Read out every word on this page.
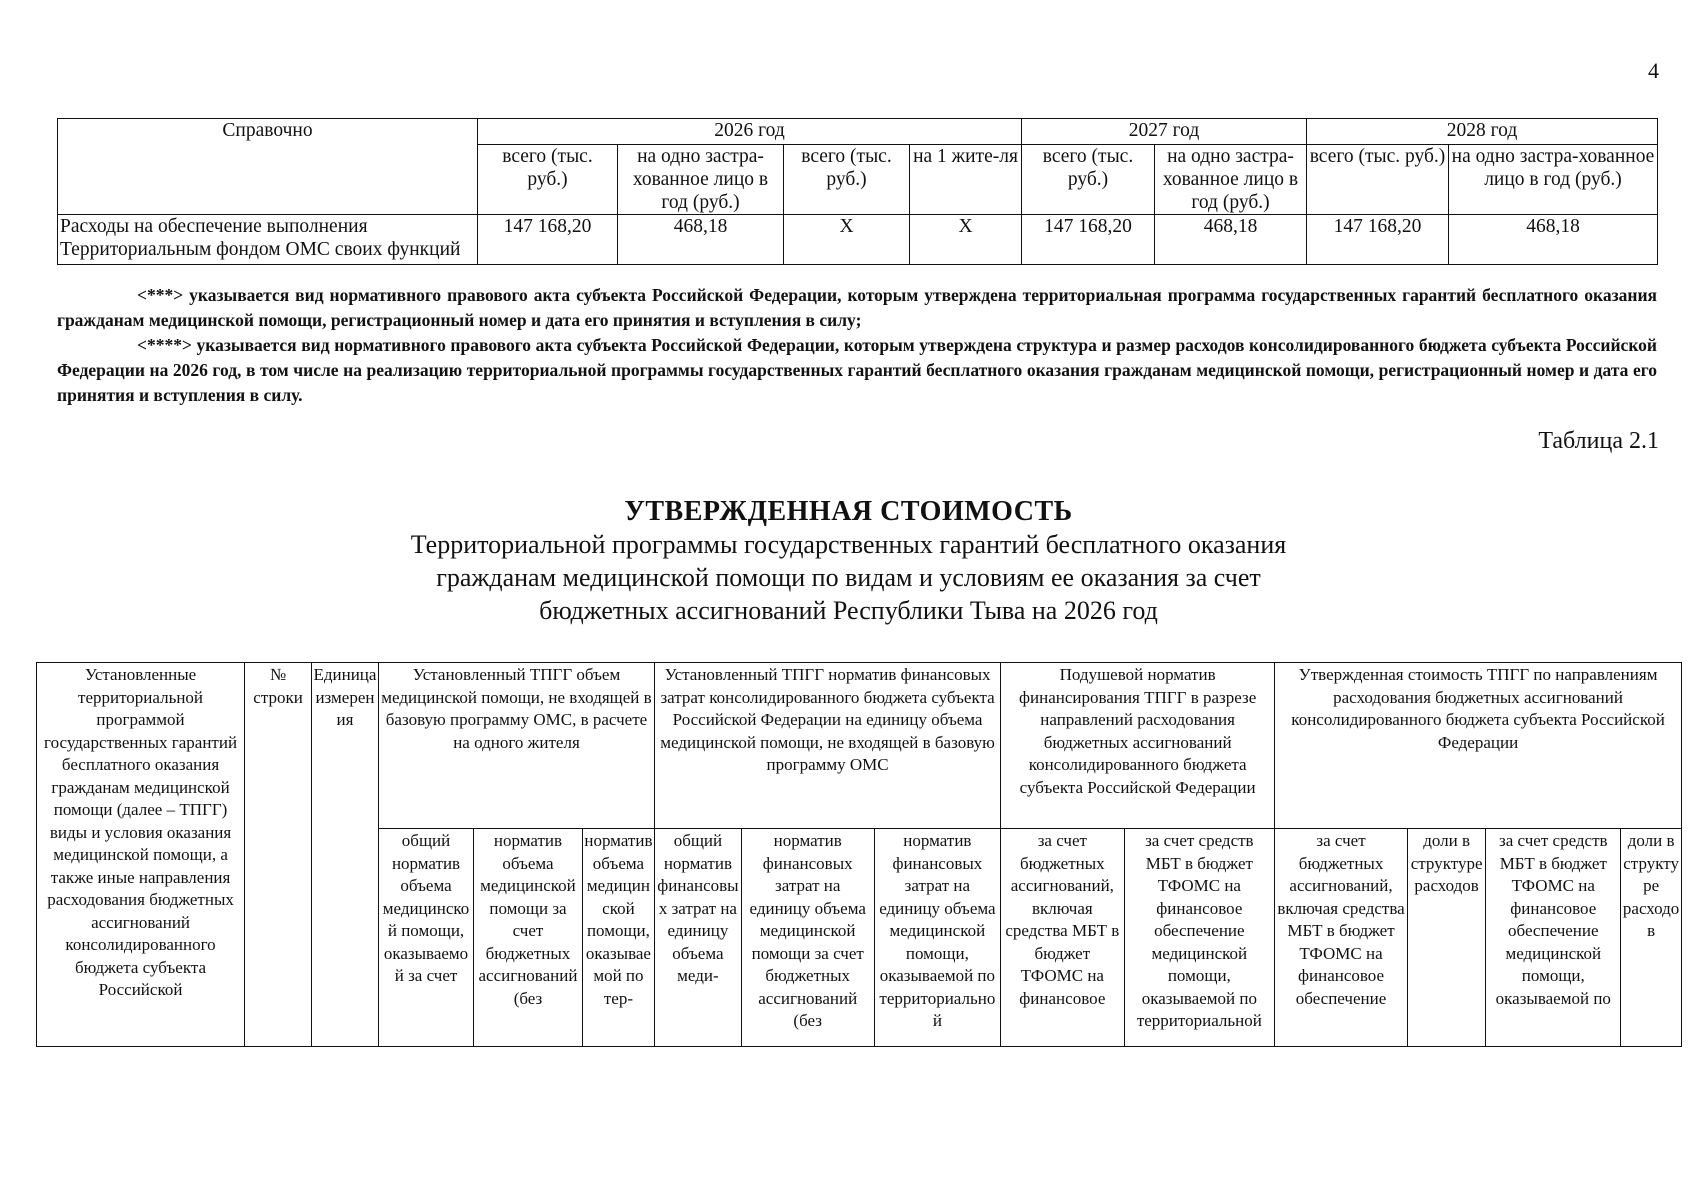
4
Справочно	2026 год				2027 год		2028 год	
	всего (тыс. руб.)	на одно застра-хованное лицо в год (руб.)	всего (тыс. руб.)	на 1 жите-ля	всего (тыс. руб.)	на одно застра-хованное лицо в год (руб.)	всего (тыс. руб.)	на одно застра-хованное лицо в год (руб.)
Расходы на обеспечение выполнения Территориальным фондом ОМС своих функций	147 168,20	468,18	X	X	147 168,20	468,18	147 168,20	468,18

<***> указывается вид нормативного правового акта субъекта Российской Федерации, которым утверждена территориальная программа государственных гарантий бесплатного оказания гражданам медицинской помощи, регистрационный номер и дата его принятия и вступления в силу;

<****> указывается вид нормативного правового акта субъекта Российской Федерации, которым утверждена структура и размер расходов консолидированного бюджета субъекта Российской Федерации на 2026 год, в том числе на реализацию территориальной программы государственных гарантий бесплатного оказания гражданам медицинской помощи, регистрационный номер и дата его принятия и вступления в силу.

Таблица 2.1
УТВЕРЖДЕННАЯ СТОИМОСТЬ
Территориальной программы государственных гарантий бесплатного оказания
гражданам медицинской помощи по видам и условиям ее оказания за счет
бюджетных ассигнований Республики Тыва на 2026 год
Установленные территориальной программой государственных гарантий бесплатного оказания гражданам медицинской помощи (далее – ТПГГ) виды и условия оказания медицинской помощи, а также иные направления расходования бюджетных ассигнований консолидированного бюджета субъекта Российской	№ строки	Единица измерения	Установленный ТПГГ объем медицинской помощи, не входящей в базовую программу ОМС, в расчете на одного жителя			Установленный ТПГГ норматив финансовых затрат консолидированного бюджета субъекта Российской Федерации на единицу объема медицинской помощи, не входящей в базовую программу ОМС			Подушевой норматив финансирования ТПГГ в разрезе направлений расходования бюджетных ассигнований консолидированного бюджета субъекта Российской Федерации		Утвержденная стоимость ТПГГ по направлениям расходования бюджетных ассигнований консолидированного бюджета субъекта Российской Федерации			
			общий норматив объема медицинской помощи, оказываемой за счет	норматив объема медицинской помощи за счет бюджетных ассигнований (без	норматив объема медицинской помощи, оказываемой по тер-	общий норматив финансовых затрат на единицу объема меди-	норматив финансовых затрат на единицу объема медицинской помощи за счет бюджетных ассигнований (без	норматив финансовых затрат на единицу объема медицинской помощи, оказываемой по территориальной	за счет бюджетных ассигнований, включая средства МБТ в бюджет ТФОМС на финансовое	за счет средств МБТ в бюджет ТФОМС на финансовое обеспечение медицинской помощи, оказываемой по территориальной	за счет бюджетных ассигнований, включая средства МБТ в бюджет ТФОМС на финансовое обеспечение	доли в структуре расходов	за счет средств МБТ в бюджет ТФОМС на финансовое обеспечение медицинской помощи, оказываемой по	доли в структуре расходов
